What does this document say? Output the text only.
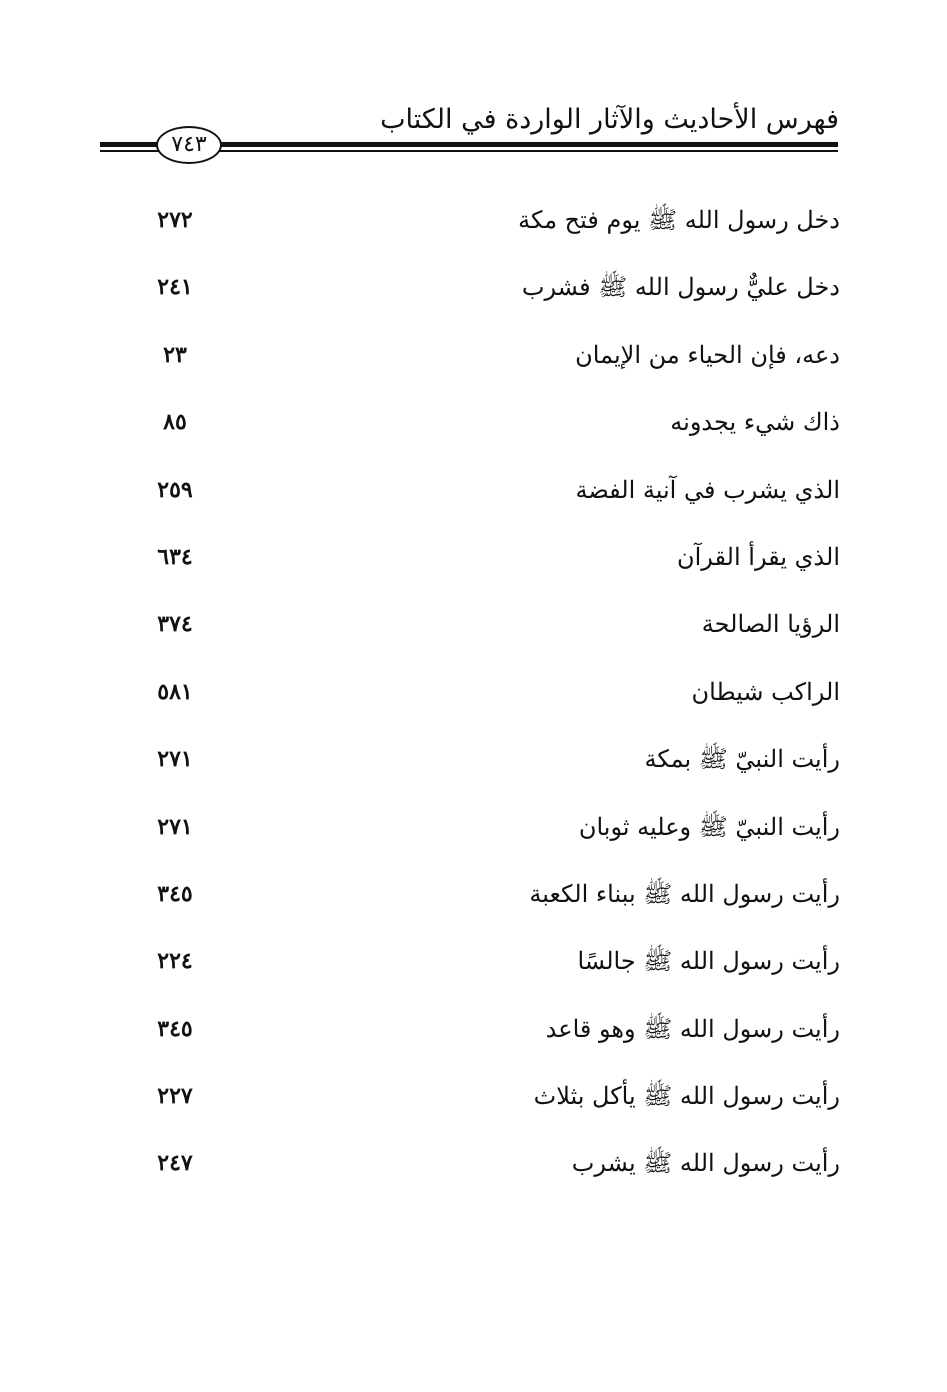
فهرس الأحاديث والآثار الواردة في الكتاب
٧٤٣
دخل رسول الله ﷺ يوم فتح مكة
٢٧٢
دخل عليٌّ رسول الله ﷺ فشرب
٢٤١
دعه، فإن الحياء من الإيمان
٢٣
ذاك شيء يجدونه
٨٥
الذي يشرب في آنية الفضة
٢٥٩
الذي يقرأ القرآن
٦٣٤
الرؤيا الصالحة
٣٧٤
الراكب شيطان
٥٨١
رأيت النبيّ ﷺ بمكة
٢٧١
رأيت النبيّ ﷺ وعليه ثوبان
٢٧١
رأيت رسول الله ﷺ ببناء الكعبة
٣٤٥
رأيت رسول الله ﷺ جالسًا
٢٢٤
رأيت رسول الله ﷺ وهو قاعد
٣٤٥
رأيت رسول الله ﷺ يأكل بثلاث
٢٢٧
رأيت رسول الله ﷺ يشرب
٢٤٧
